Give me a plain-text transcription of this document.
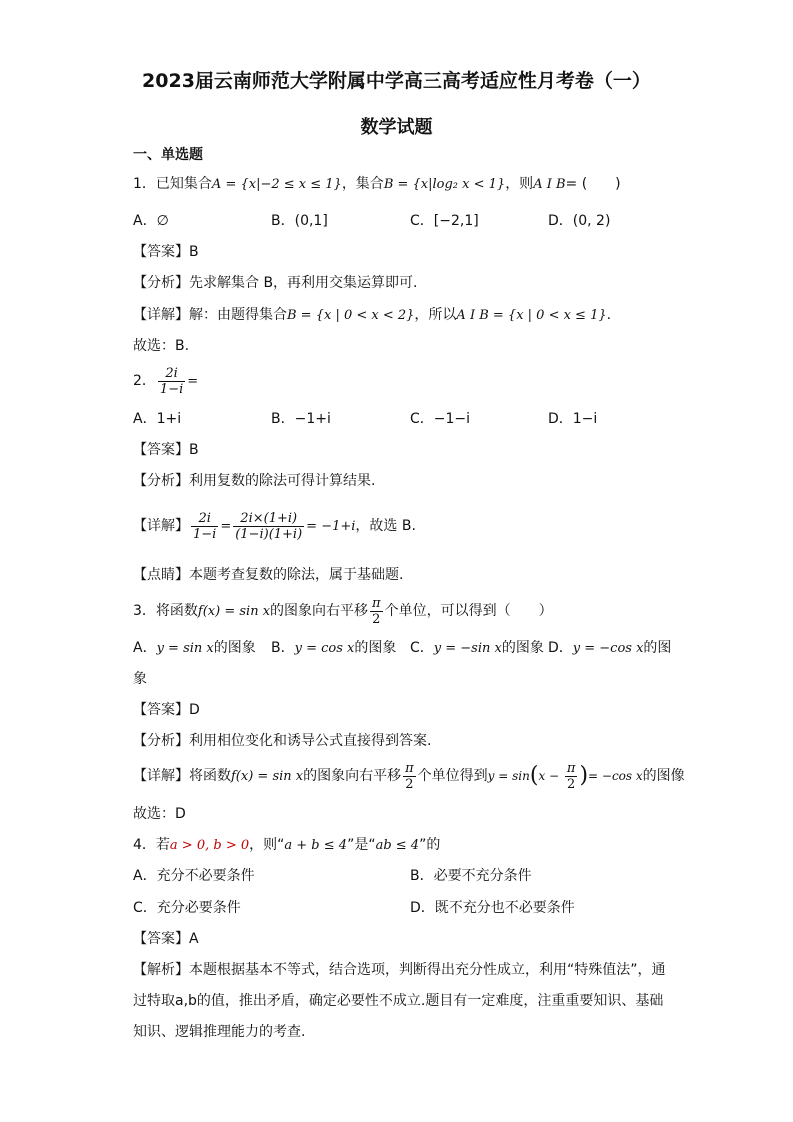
2023届云南师范大学附属中学高三高考适应性月考卷（一）
数学试题
一、单选题
1．已知集合A = {x|−2 ≤ x ≤ 1}，集合B = {x|log₂ x < 1}，则A I B= (　　)
A．∅	B．(0,1]	C．[−2,1]	D．(0, 2)
【答案】B
【分析】先求解集合 B，再利用交集运算即可.
【详解】解：由题得集合B = {x | 0 < x < 2}，所以A I B = {x | 0 < x ≤ 1}.
故选：B.
2． $\frac{2i}{1-i}$ =
A．1+i	B．−1+i	C．−1−i	D．1−i
【答案】B
【分析】利用复数的除法可得计算结果.
【详解】 $\frac{2i}{1-i} = \frac{2i\times(1+i)}{(1-i)(1+i)} = -1+i$，故选 B.
【点睛】本题考查复数的除法，属于基础题.
3．将函数f(x) = sin x的图象向右平移 $\frac{\pi}{2}$ 个单位，可以得到（　　）
A．y = sin x的图象 B．y = cos x的图象 C．y = −sin x的图象 D．y = −cos x的图
象
【答案】D
【分析】利用相位变化和诱导公式直接得到答案.
【详解】将函数f(x) = sin x的图象向右平移 $\frac{\pi}{2}$ 个单位得到$y = \sin(x - \frac{\pi}{2}$ )= −cos x的图像
故选：D
4．若a > 0, b > 0，则“a + b ≤ 4”是“ab ≤ 4”的
A．充分不必要条件	B．必要不充分条件
C．充分必要条件	D．既不充分也不必要条件
【答案】A
【解析】本题根据基本不等式，结合选项，判断得出充分性成立，利用“特殊值法”，通
过特取a,b的值，推出矛盾，确定必要性不成立.题目有一定难度，注重重要知识、基础
知识、逻辑推理能力的考查.
